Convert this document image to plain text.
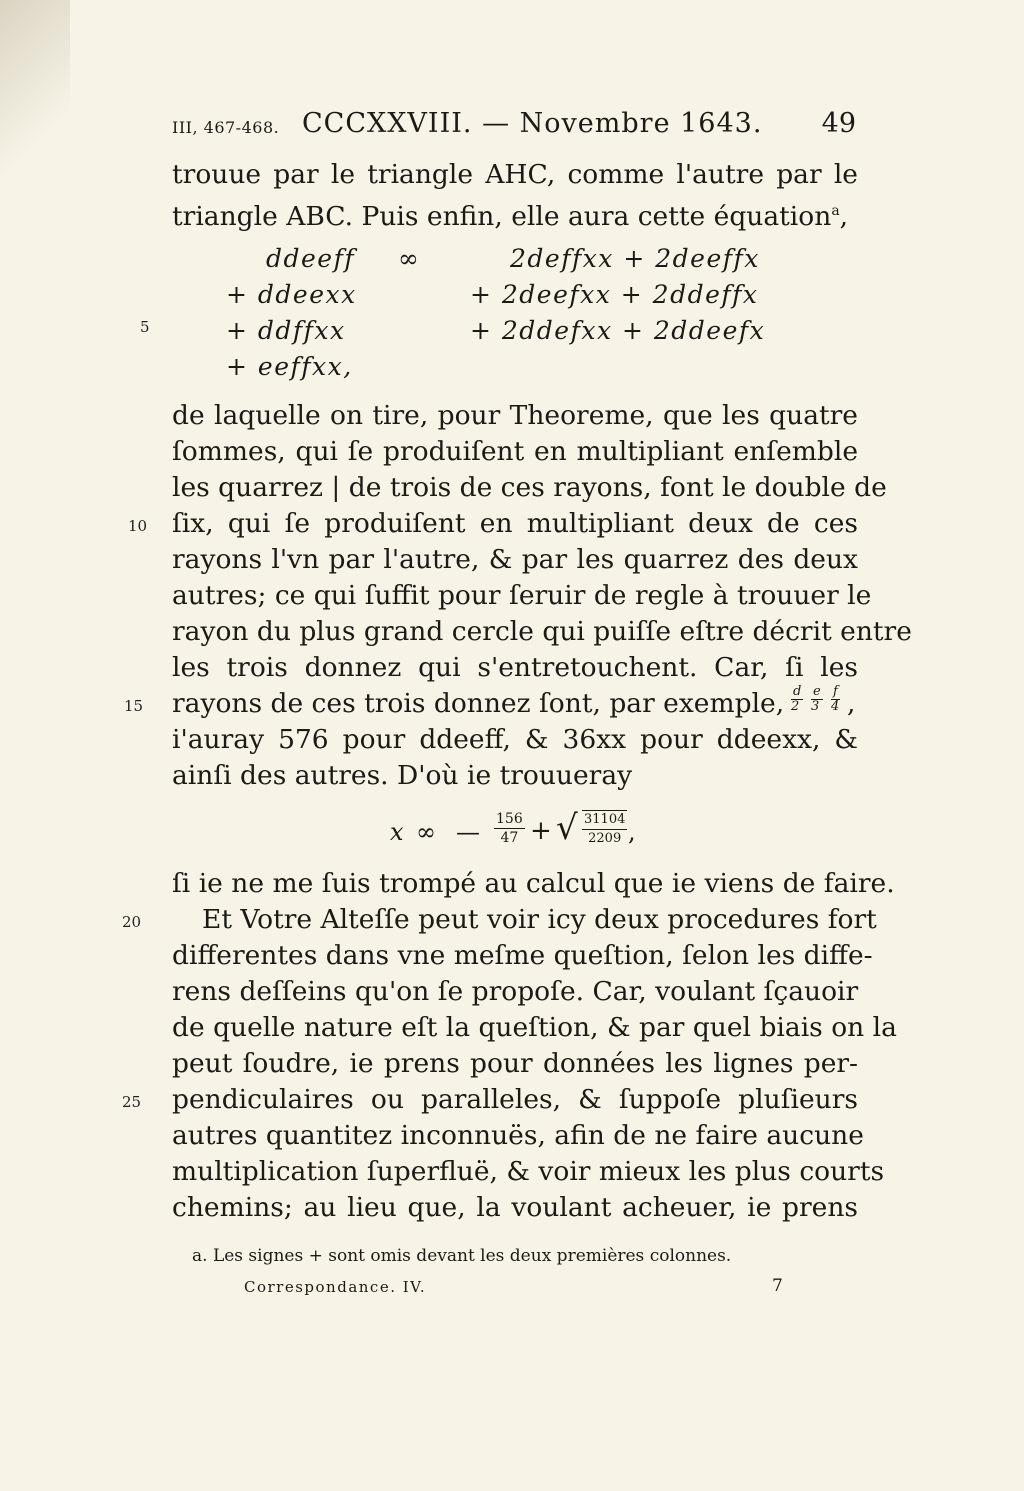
III, 467-468. CCCXXVIII. — Novembre 1643. 49
trouue par le triangle AHC, comme l'autre par le
triangle ABC. Puis enfin, elle aura cette équation$^a$,
ddeeff
+ ddeexx
+ ddffxx
+ eeffxx,
∞	2deffxx + 2deeffx
+ 2deefxx + 2ddeffx
+ 2ddefxx + 2ddeefx
de laquelle on tire, pour Theoreme, que les quatre
ſommes, qui ſe produiſent en multipliant enſemble
les quarrez | de trois de ces rayons, font le double de
ſix, qui ſe produiſent en multipliant deux de ces
rayons l'vn par l'autre, & par les quarrez des deux
autres; ce qui ſuffit pour ſeruir de regle à trouuer le
rayon du plus grand cercle qui puiſſe eſtre décrit entre
les trois donnez qui s'entretouchent. Car, ſi les
rayons de ces trois donnez ſont, par exemple, $\frac{d}{2} \frac{e}{3} \frac{f}{4}$ ,
i'auray 576 pour ddeeff, & 36xx pour ddeexx, &
ainſi des autres. D'où ie trouueray
x ∞ — $\frac{156}{47}$ + √ $\frac{31104}{2209}$ ,
ſi ie ne me ſuis trompé au calcul que ie viens de faire.
Et Votre Alteſſe peut voir icy deux procedures fort
differentes dans vne meſme queſtion, ſelon les diffe-
rens deſſeins qu'on ſe propoſe. Car, voulant ſçauoir
de quelle nature eſt la queſtion, & par quel biais on la
peut ſoudre, ie prens pour données les lignes per-
pendiculaires ou paralleles, & ſuppoſe pluſieurs
autres quantitez inconnuës, afin de ne faire aucune
multiplication ſuperfluë, & voir mieux les plus courts
chemins; au lieu que, la voulant acheuer, ie prens
5
10
15
20
25
a. Les signes + sont omis devant les deux premières colonnes.
Correspondance. IV.	7
